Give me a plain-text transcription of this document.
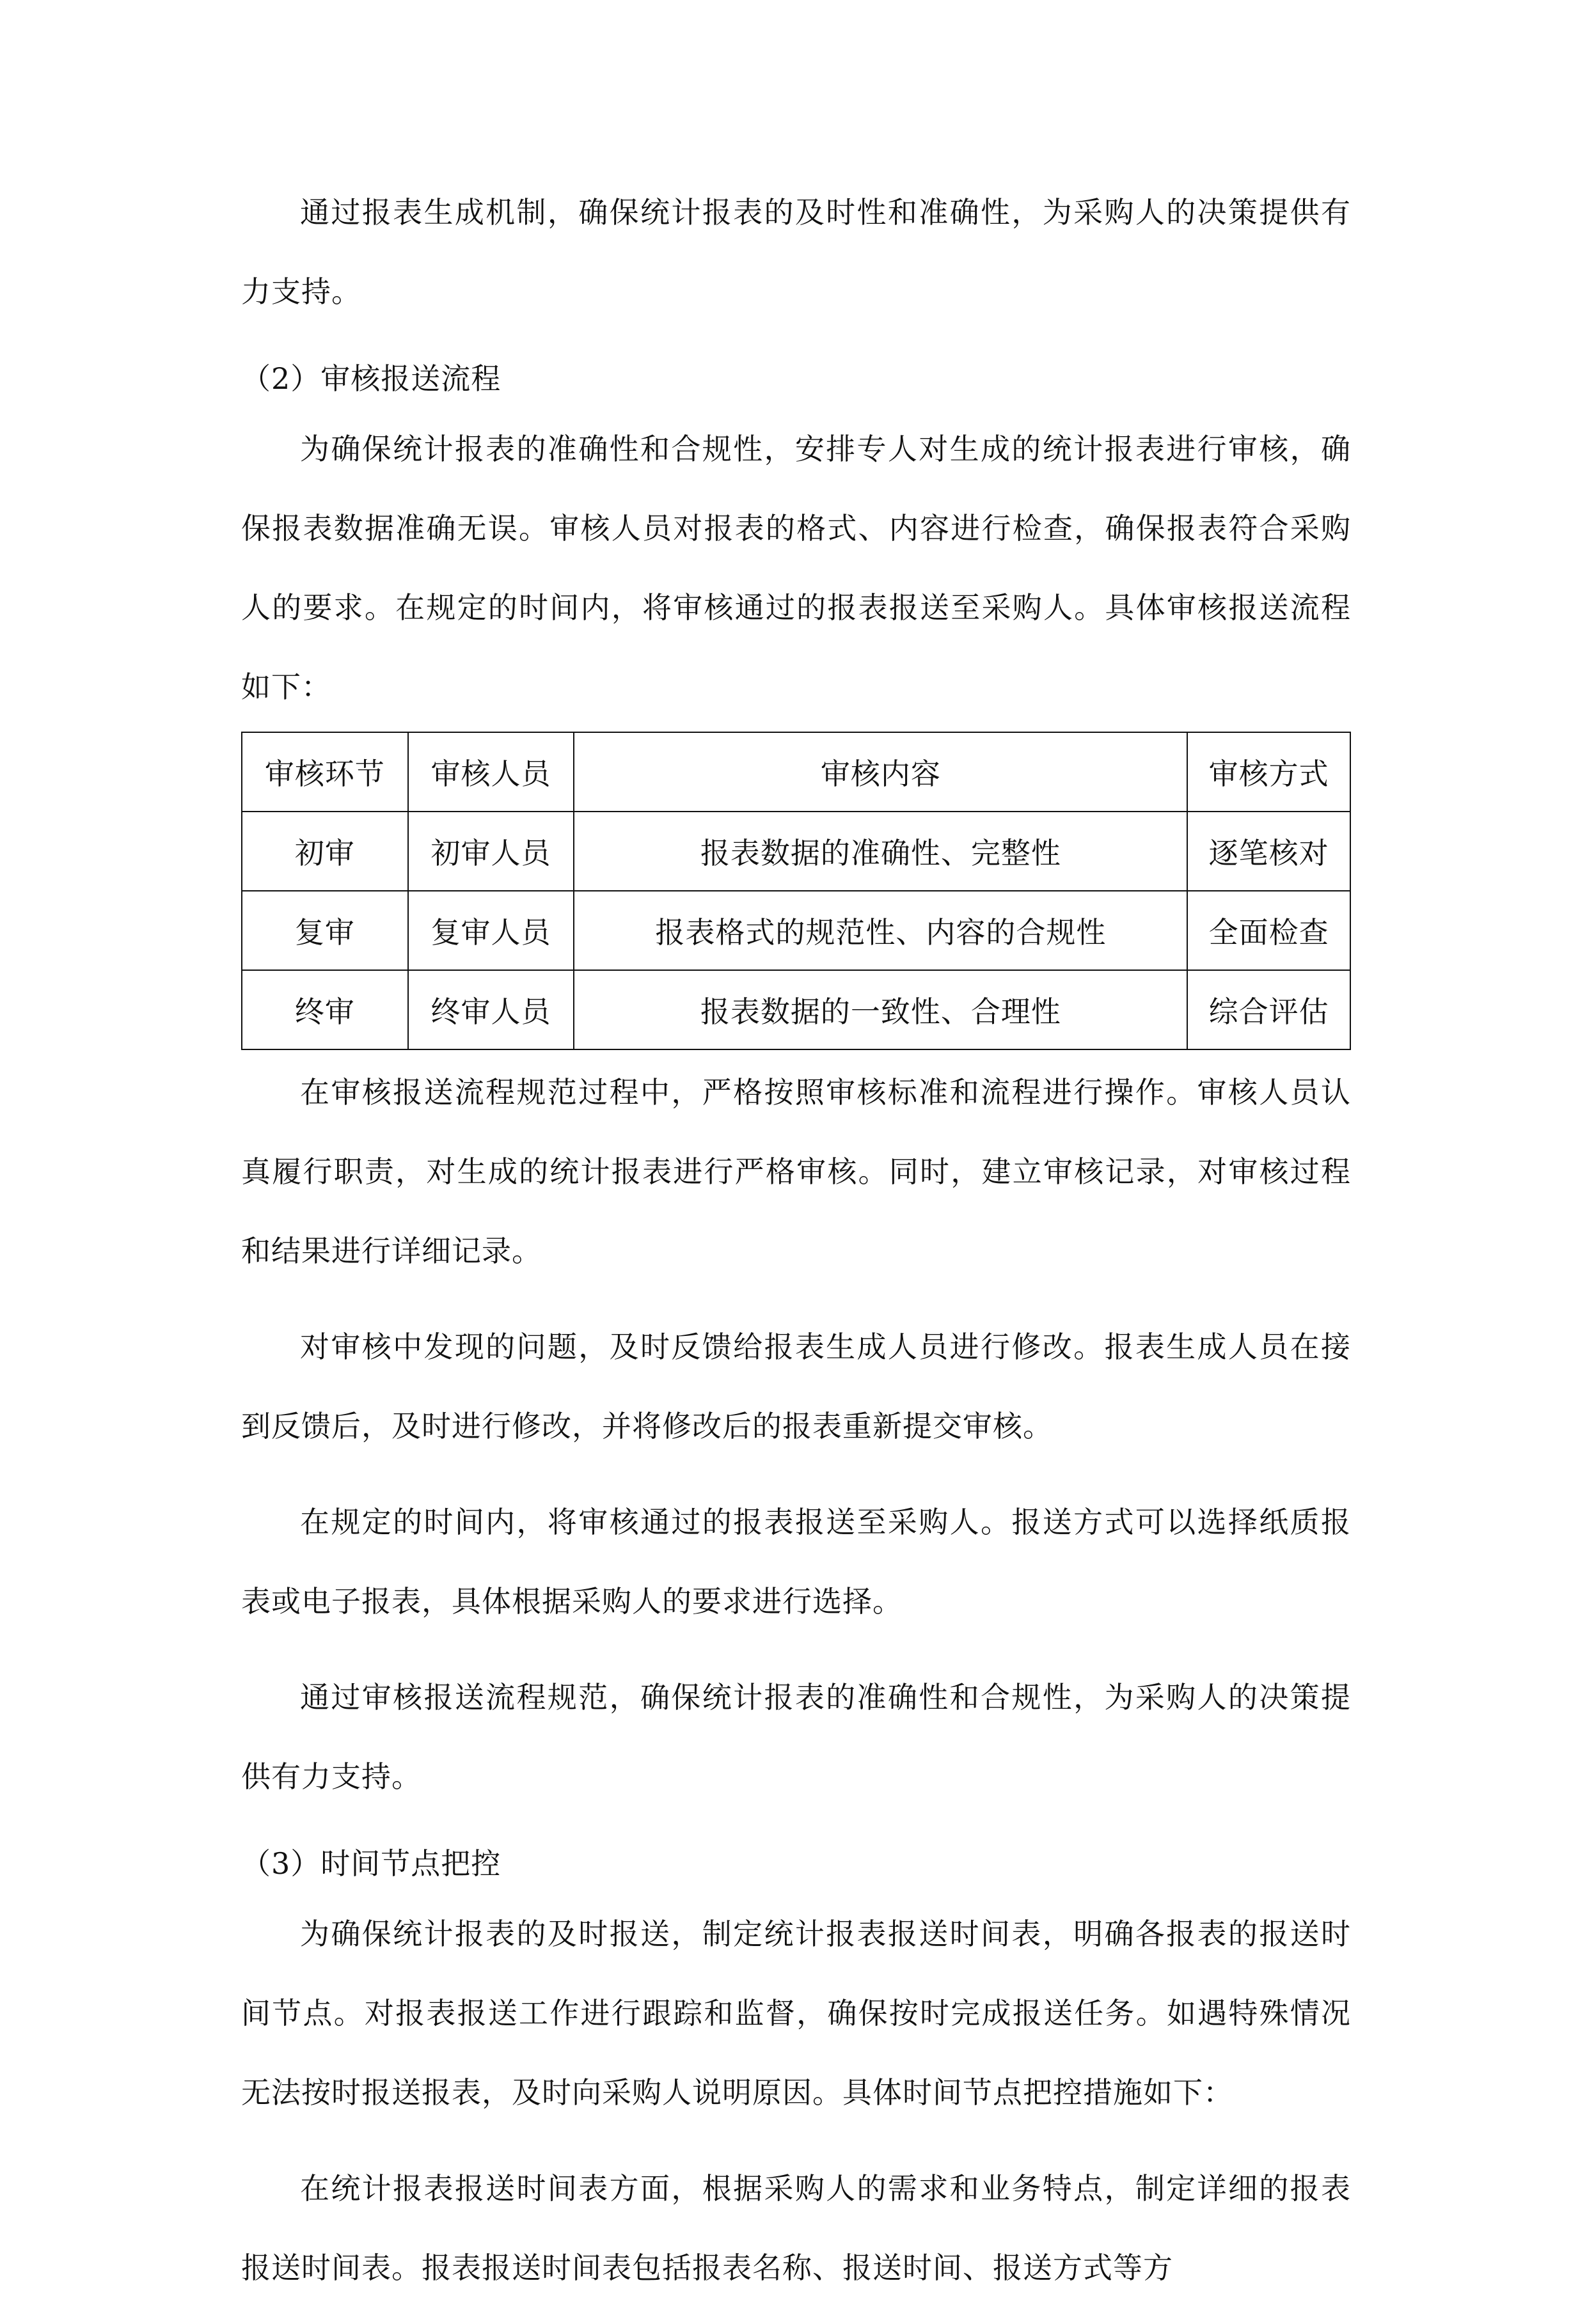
通过报表生成机制，确保统计报表的及时性和准确性，为采购人的决策提供有力支持。

（2）审核报送流程

为确保统计报表的准确性和合规性，安排专人对生成的统计报表进行审核，确保报表数据准确无误。审核人员对报表的格式、内容进行检查，确保报表符合采购人的要求。在规定的时间内，将审核通过的报表报送至采购人。具体审核报送流程如下：

审核环节	审核人员	审核内容	审核方式
初审	初审人员	报表数据的准确性、完整性	逐笔核对
复审	复审人员	报表格式的规范性、内容的合规性	全面检查
终审	终审人员	报表数据的一致性、合理性	综合评估

在审核报送流程规范过程中，严格按照审核标准和流程进行操作。审核人员认真履行职责，对生成的统计报表进行严格审核。同时，建立审核记录，对审核过程和结果进行详细记录。

对审核中发现的问题，及时反馈给报表生成人员进行修改。报表生成人员在接到反馈后，及时进行修改，并将修改后的报表重新提交审核。

在规定的时间内，将审核通过的报表报送至采购人。报送方式可以选择纸质报表或电子报表，具体根据采购人的要求进行选择。

通过审核报送流程规范，确保统计报表的准确性和合规性，为采购人的决策提供有力支持。

（3）时间节点把控

为确保统计报表的及时报送，制定统计报表报送时间表，明确各报表的报送时间节点。对报表报送工作进行跟踪和监督，确保按时完成报送任务。如遇特殊情况无法按时报送报表，及时向采购人说明原因。具体时间节点把控措施如下：

在统计报表报送时间表方面，根据采购人的需求和业务特点，制定详细的报表报送时间表。报表报送时间表包括报表名称、报送时间、报送方式等方
